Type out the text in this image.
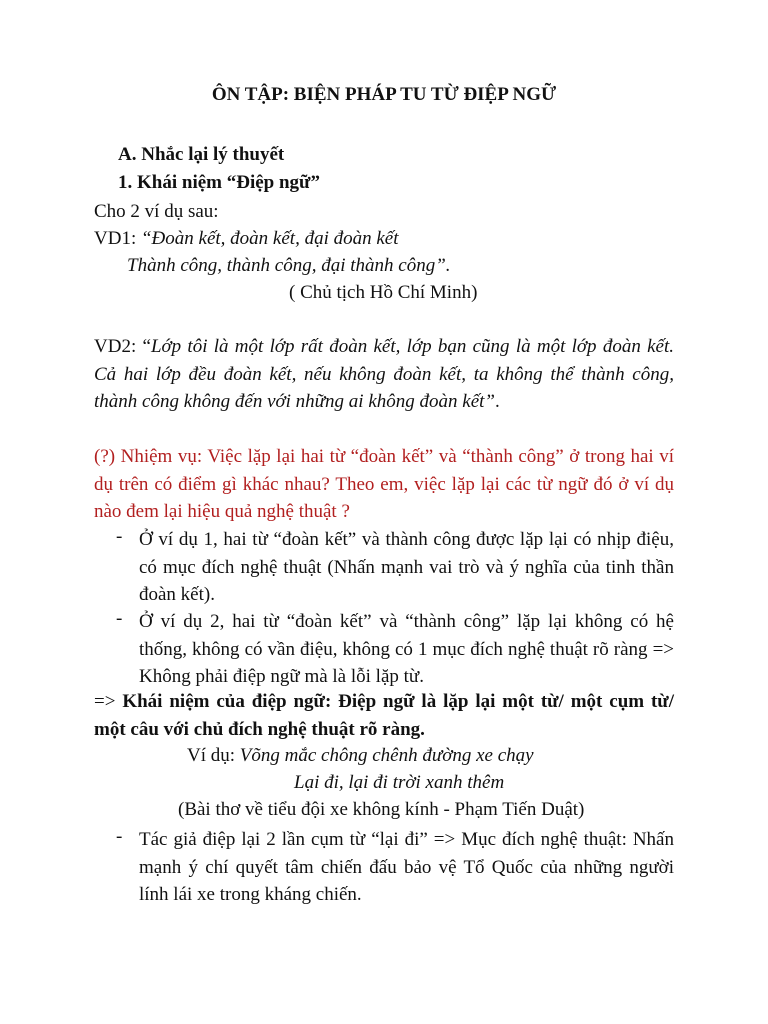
ÔN TẬP: BIỆN PHÁP TU TỪ ĐIỆP NGỮ
A. Nhắc lại lý thuyết
1. Khái niệm “Điệp ngữ”
Cho 2 ví dụ sau:
VD1: “Đoàn kết, đoàn kết, đại đoàn kết
Thành công, thành công, đại thành công”.
( Chủ tịch Hồ Chí Minh)
VD2: “Lớp tôi là một lớp rất đoàn kết, lớp bạn cũng là một lớp đoàn kết. Cả hai lớp đều đoàn kết, nếu không đoàn kết, ta không thể thành công, thành công không đến với những ai không đoàn kết”.
(?) Nhiệm vụ: Việc lặp lại hai từ “đoàn kết” và “thành công” ở trong hai ví dụ trên có điểm gì khác nhau? Theo em, việc lặp lại các từ ngữ đó ở ví dụ nào đem lại hiệu quả nghệ thuật ?
- Ở ví dụ 1, hai từ “đoàn kết” và thành công được lặp lại có nhịp điệu, có mục đích nghệ thuật (Nhấn mạnh vai trò và ý nghĩa của tinh thần đoàn kết).
- Ở ví dụ 2, hai từ “đoàn kết” và “thành công” lặp lại không có hệ thống, không có vần điệu, không có 1 mục đích nghệ thuật rõ ràng => Không phải điệp ngữ mà là lỗi lặp từ.
=> Khái niệm của điệp ngữ: Điệp ngữ là lặp lại một từ/ một cụm từ/ một câu với chủ đích nghệ thuật rõ ràng.
Ví dụ: Võng mắc chông chênh đường xe chạy
Lại đi, lại đi trời xanh thêm
(Bài thơ về tiểu đội xe không kính - Phạm Tiến Duật)
- Tác giả điệp lại 2 lần cụm từ “lại đi” => Mục đích nghệ thuật: Nhấn mạnh ý chí quyết tâm chiến đấu bảo vệ Tổ Quốc của những người lính lái xe trong kháng chiến.
